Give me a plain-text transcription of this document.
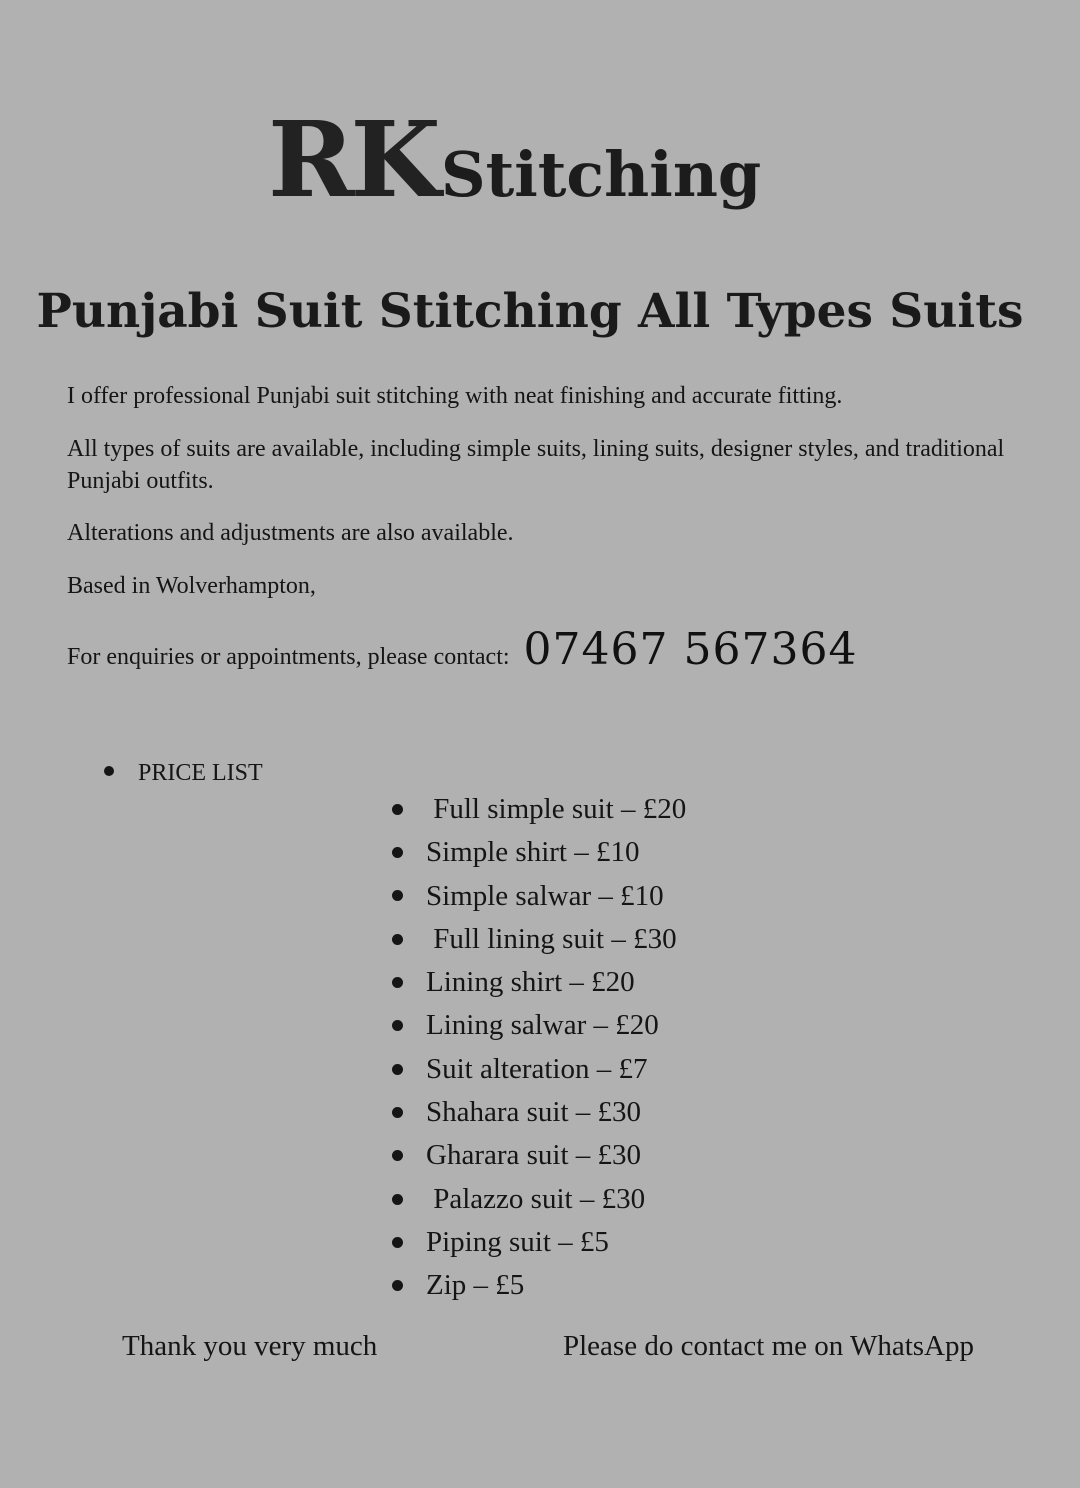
RKStitching
Punjabi Suit Stitching All Types Suits
I offer professional Punjabi suit stitching with neat finishing and accurate fitting.
All types of suits are available, including simple suits, lining suits, designer styles, and traditional Punjabi outfits.
Alterations and adjustments are also available.
Based in Wolverhampton,
For enquiries or appointments, please contact: 07467 567364
PRICE LIST
Full simple suit – £20
Simple shirt – £10
Simple salwar – £10
Full lining suit – £30
Lining shirt – £20
Lining salwar – £20
Suit alteration – £7
Shahara suit – £30
Gharara suit – £30
Palazzo suit – £30
Piping suit – £5
Zip – £5
Thank you very much	Please do contact me on WhatsApp
